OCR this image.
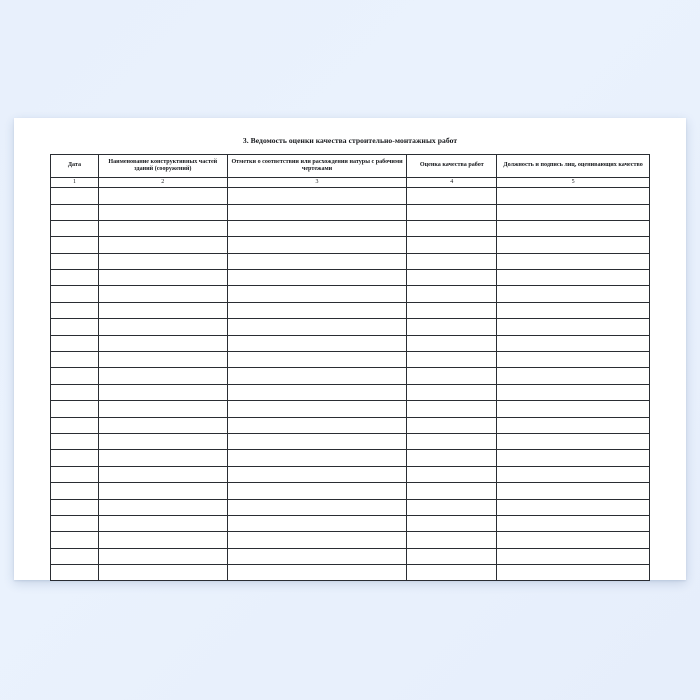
3. Ведомость оценки качества строительно-монтажных работ
Дата	Наименование конструктивных частей зданий (сооружений)	Отметки о соответствии или расхождении натуры с рабочими чертежами	Оценка качества работ	Должность и подпись лиц, оценивающих качество
1	2	3	4	5
